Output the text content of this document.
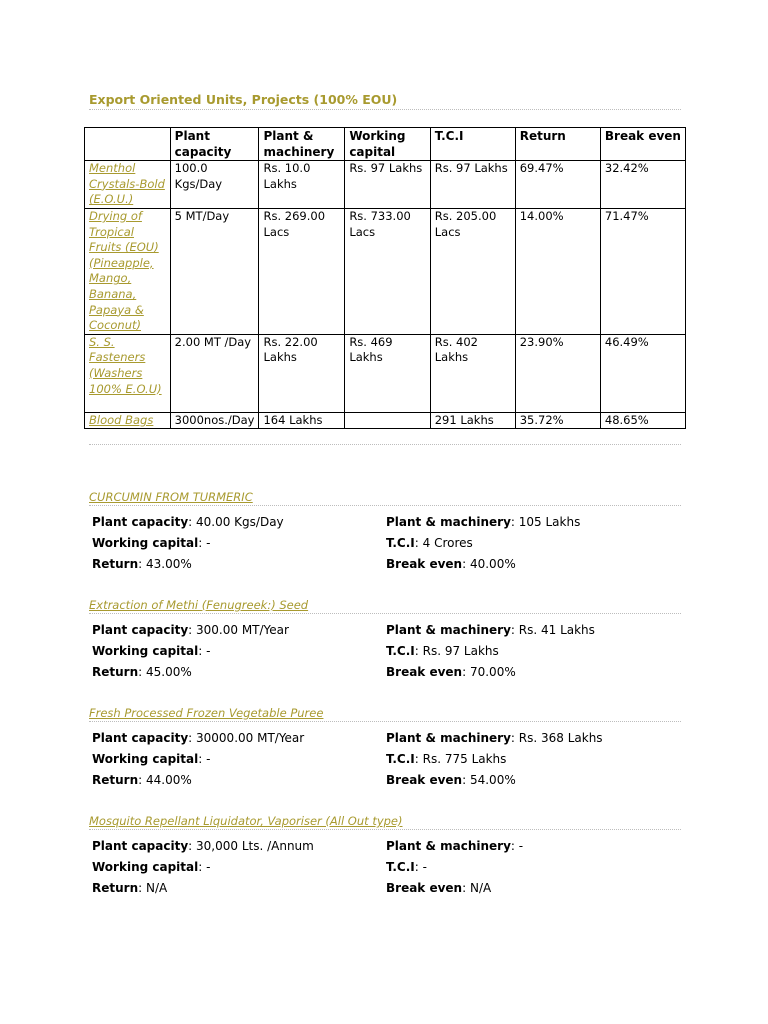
Export Oriented Units, Projects (100% EOU)
	Plant capacity	Plant & machinery	Working capital	T.C.I	Return	Break even
Menthol Crystals-Bold (E.O.U.)	100.0 Kgs/Day	Rs. 10.0 Lakhs	Rs. 97 Lakhs	Rs. 97 Lakhs	69.47%	32.42%
Drying of Tropical Fruits (EOU) (Pineapple, Mango, Banana, Papaya & Coconut)	5 MT/Day	Rs. 269.00 Lacs	Rs. 733.00 Lacs	Rs. 205.00 Lacs	14.00%	71.47%
S. S. Fasteners (Washers 100% E.O.U)	2.00 MT /Day	Rs. 22.00 Lakhs	Rs. 469 Lakhs	Rs. 402 Lakhs	23.90%	46.49%
Blood Bags	3000nos./Day	164 Lakhs		291 Lakhs	35.72%	48.65%
CURCUMIN FROM TURMERIC
Plant capacity: 40.00 Kgs/Day	Plant & machinery: 105 Lakhs
Working capital: -	T.C.I: 4 Crores
Return: 43.00%	Break even: 40.00%
Extraction of Methi (Fenugreek:) Seed
Plant capacity: 300.00 MT/Year	Plant & machinery: Rs. 41 Lakhs
Working capital: -	T.C.I: Rs. 97 Lakhs
Return: 45.00%	Break even: 70.00%
Fresh Processed Frozen Vegetable Puree
Plant capacity: 30000.00 MT/Year	Plant & machinery: Rs. 368 Lakhs
Working capital: -	T.C.I: Rs. 775 Lakhs
Return: 44.00%	Break even: 54.00%
Mosquito Repellant Liquidator, Vaporiser (All Out type)
Plant capacity: 30,000 Lts. /Annum	Plant & machinery: -
Working capital: -	T.C.I: -
Return: N/A	Break even: N/A
